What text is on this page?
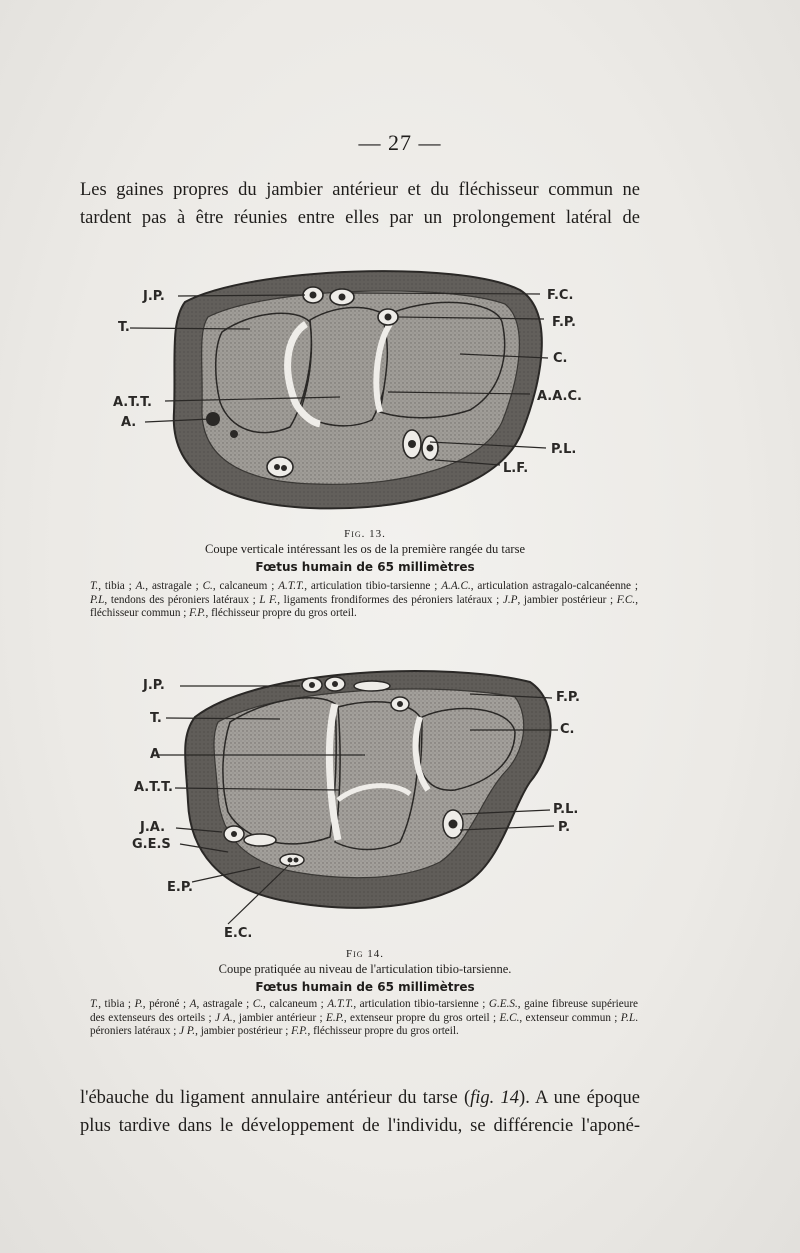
— 27 —
Les gaines propres du jambier antérieur et du fléchisseur commun ne
tardent pas à être réunies entre elles par un prolongement latéral de
J.P.
T.
A.T.T.
A.
F.C.
F.P.
C.
A.A.C.
P.L.
L.F.
Fig. 13.
Coupe verticale intéressant les os de la première rangée du tarse
Fœtus humain de 65 millimètres
T., tibia ; A., astragale ; C., calcaneum ; A.T.T., articulation tibio-tarsienne ; A.A.C., articulation astragalo-calcanéenne ; P.L, tendons des péroniers latéraux ; L F., ligaments frondiformes des péroniers latéraux ; J.P, jambier postérieur ; F.C., fléchisseur commun ; F.P., fléchisseur propre du gros orteil.
J.P.
T.
A
A.T.T.
J.A.
G.E.S
E.P.
E.C.
F.P.
C.
P.L.
P.
Fig 14.
Coupe pratiquée au niveau de l'articulation tibio-tarsienne.
Fœtus humain de 65 millimètres
T., tibia ; P., péroné ; A, astragale ; C., calcaneum ; A.T.T., articulation tibio-tarsienne ; G.E.S., gaine fibreuse supérieure des extenseurs des orteils ; J A., jambier antérieur ; E.P., extenseur propre du gros orteil ; E.C., extenseur commun ; P.L. péroniers latéraux ; J P., jambier postérieur ; F.P., fléchisseur propre du gros orteil.
l'ébauche du ligament annulaire antérieur du tarse (fig. 14). A une époque
plus tardive dans le développement de l'individu, se différencie l'aponé-
